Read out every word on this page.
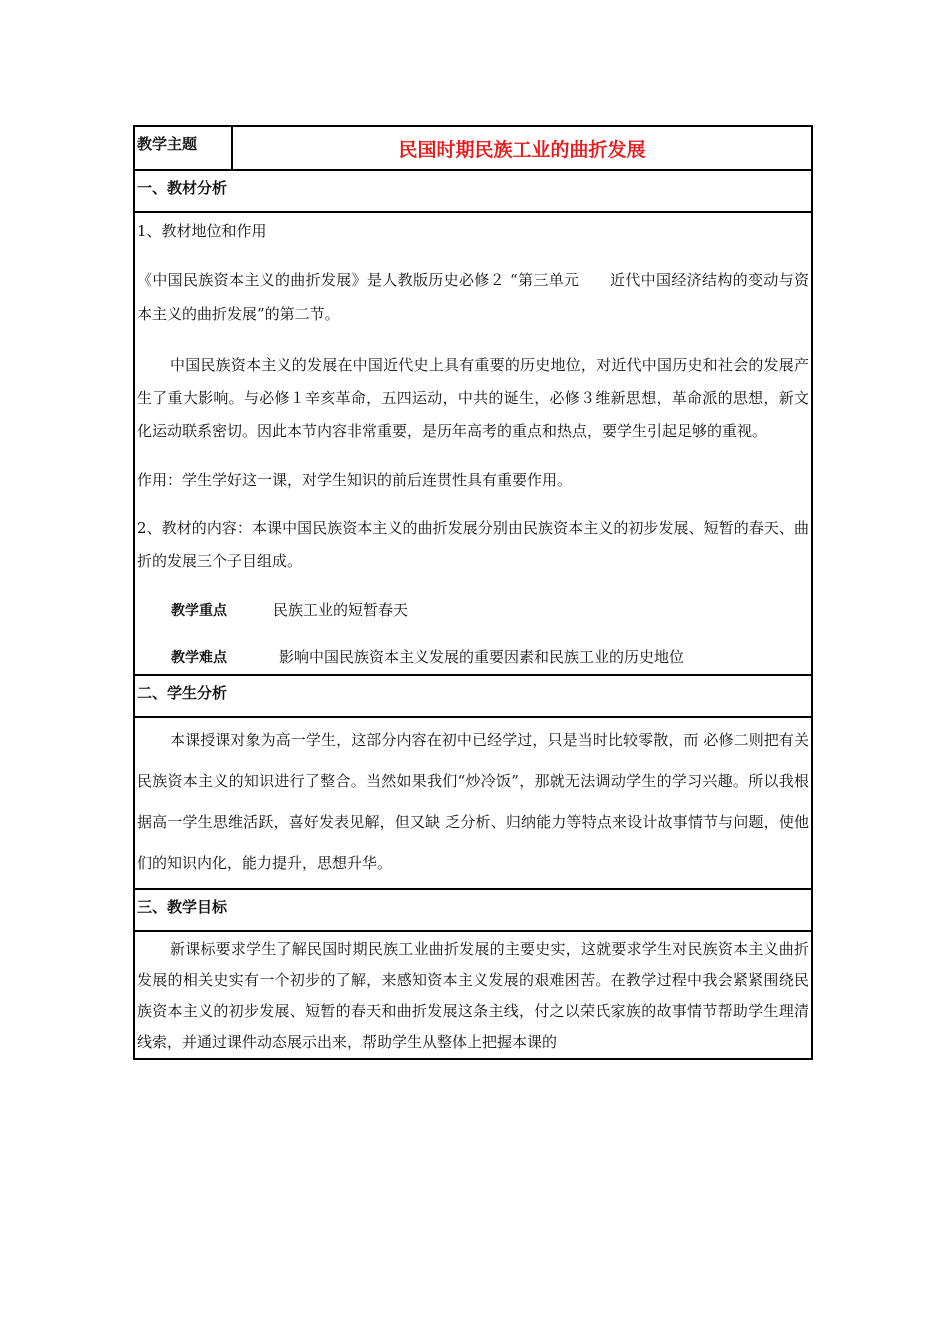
教学主题	民国时期民族工业的曲折发展
一、教材分析

1、教材地位和作用

《中国民族资本主义的曲折发展》是人教版历史必修２ “第三单元　　近代中国经济结构的变动与资本主义的曲折发展”的第二节。

中国民族资本主义的发展在中国近代史上具有重要的历史地位，对近代中国历史和社会的发展产生了重大影响。与必修１辛亥革命，五四运动，中共的诞生，必修３维新思想，革命派的思想，新文化运动联系密切。因此本节内容非常重要，是历年高考的重点和热点，要学生引起足够的重视。

作用：学生学好这一课，对学生知识的前后连贯性具有重要作用。

2、教材的内容：本课中国民族资本主义的曲折发展分别由民族资本主义的初步发展、短暂的春天、曲折的发展三个子目组成。

教学重点	民族工业的短暂春天
教学难点	影响中国民族资本主义发展的重要因素和民族工业的历史地位

二、学生分析

本课授课对象为高一学生，这部分内容在初中已经学过，只是当时比较零散，而 必修二则把有关民族资本主义的知识进行了整合。当然如果我们“炒冷饭”，那就无法调动学生的学习兴趣。所以我根据高一学生思维活跃，喜好发表见解，但又缺 乏分析、归纳能力等特点来设计故事情节与问题，使他们的知识内化，能力提升，思想升华。

三、教学目标

新课标要求学生了解民国时期民族工业曲折发展的主要史实，这就要求学生对民族资本主义曲折发展的相关史实有一个初步的了解，来感知资本主义发展的艰难困苦。在教学过程中我会紧紧围绕民族资本主义的初步发展、短暂的春天和曲折发展这条主线，付之以荣氏家族的故事情节帮助学生理清线索，并通过课件动态展示出来，帮助学生从整体上把握本课的
